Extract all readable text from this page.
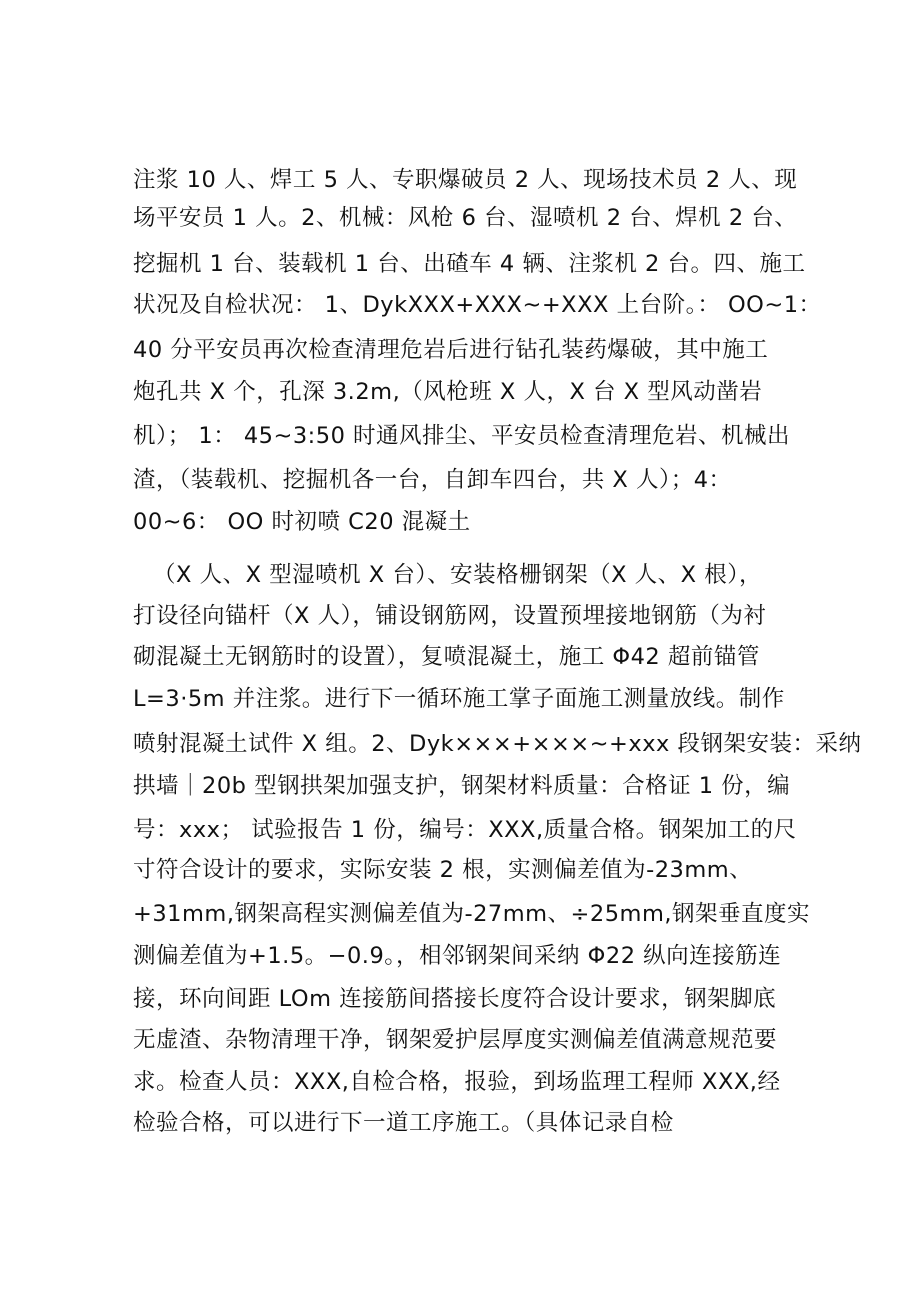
注浆 10 人、焊工 5 人、专职爆破员 2 人、现场技术员 2 人、现
场平安员 1 人。2、机械：风枪 6 台、湿喷机 2 台、焊机 2 台、
挖掘机 1 台、装载机 1 台、出碴车 4 辆、注浆机 2 台。四、施工
状况及自检状况： 1、DykXXX+XXX~+XXX 上台阶。： OO~1：
40 分平安员再次检查清理危岩后进行钻孔装药爆破，其中施工
炮孔共 X 个，孔深 3.2m,（风枪班 X 人，X 台 X 型风动凿岩
机）； 1： 45~3:50 时通风排尘、平安员检查清理危岩、机械出
渣，（装载机、挖掘机各一台，自卸车四台，共 X 人）；4：
00~6： OO 时初喷 C20 混凝土
（X 人、X 型湿喷机 X 台）、安装格栅钢架（X 人、X 根），
打设径向锚杆（X 人），铺设钢筋网，设置预埋接地钢筋（为衬
砌混凝土无钢筋时的设置），复喷混凝土，施工 Φ42 超前锚管
L=3·5m 并注浆。进行下一循环施工掌子面施工测量放线。制作
喷射混凝土试件 X 组。2、Dyk×××+×××~+xxx 段钢架安装：采纳
拱墙｜20b 型钢拱架加强支护，钢架材料质量：合格证 1 份，编
号：xxx； 试验报告 1 份，编号：XXX,质量合格。钢架加工的尺
寸符合设计的要求，实际安装 2 根，实测偏差值为-23mm、
+31mm,钢架高程实测偏差值为-27mm、÷25mm,钢架垂直度实
测偏差值为+1.5。−0.9。，相邻钢架间采纳 Φ22 纵向连接筋连
接，环向间距 LOm 连接筋间搭接长度符合设计要求，钢架脚底
无虚渣、杂物清理干净，钢架爱护层厚度实测偏差值满意规范要
求。检查人员：XXX,自检合格，报验，到场监理工程师 XXX,经
检验合格，可以进行下一道工序施工。（具体记录自检
